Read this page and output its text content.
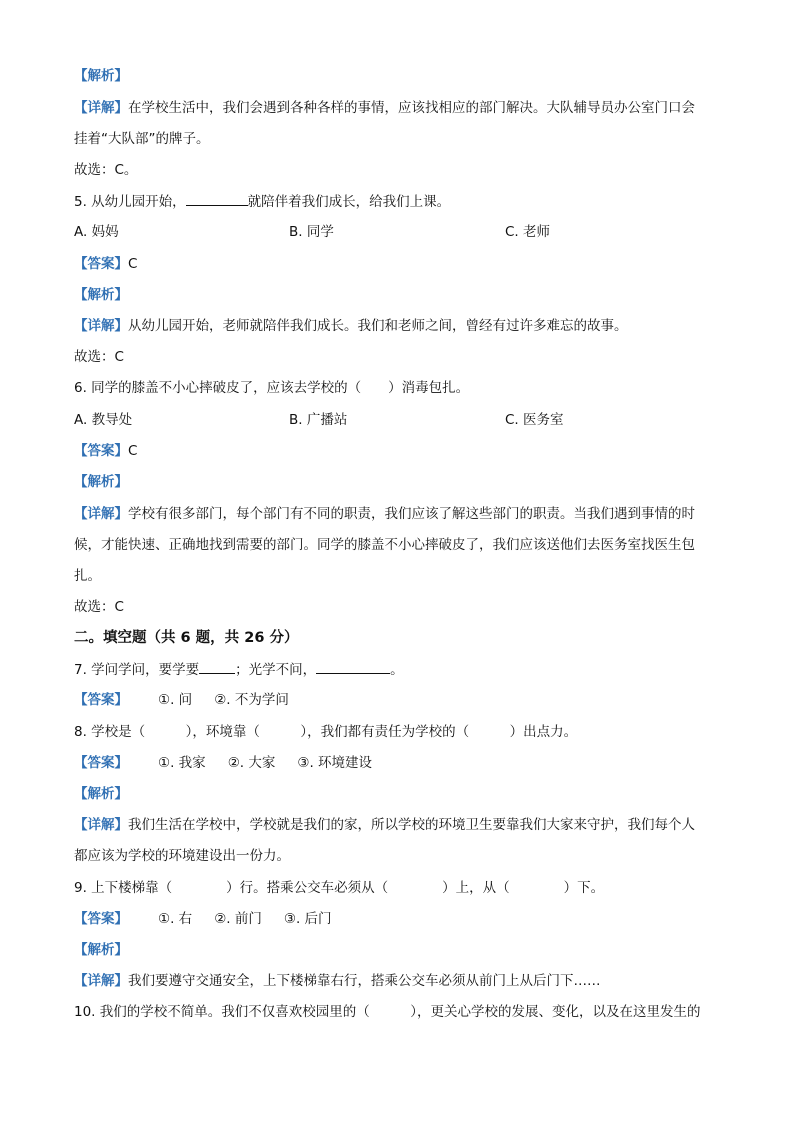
【解析】
【详解】在学校生活中，我们会遇到各种各样的事情，应该找相应的部门解决。大队辅导员办公室门口会
挂着“大队部”的牌子。
故选：C。
5. 从幼儿园开始，	就陪伴着我们成长，给我们上课。
A. 妈妈	B. 同学	C. 老师
【答案】C
【解析】
【详解】从幼儿园开始，老师就陪伴我们成长。我们和老师之间，曾经有过许多难忘的故事。
故选：C
6. 同学的膝盖不小心摔破皮了，应该去学校的（　　）消毒包扎。
A. 教导处	B. 广播站	C. 医务室
【答案】C
【解析】
【详解】学校有很多部门，每个部门有不同的职责，我们应该了解这些部门的职责。当我们遇到事情的时
候，才能快速、正确地找到需要的部门。同学的膝盖不小心摔破皮了，我们应该送他们去医务室找医生包
扎。
故选：C
二。填空题（共 6 题，共 26 分）
7. 学问学问，要学要	；光学不问，	。
【答案】 ①. 问 ②. 不为学问
8. 学校是（　　　），环境靠（　　　），我们都有责任为学校的（　　　）出点力。
【答案】 ①. 我家 ②. 大家 ③. 环境建设
【解析】
【详解】我们生活在学校中，学校就是我们的家，所以学校的环境卫生要靠我们大家来守护，我们每个人
都应该为学校的环境建设出一份力。
9. 上下楼梯靠（　　　　）行。搭乘公交车必须从（　　　　）上，从（　　　　）下。
【答案】 ①. 右 ②. 前门 ③. 后门
【解析】
【详解】我们要遵守交通安全，上下楼梯靠右行，搭乘公交车必须从前门上从后门下……
10. 我们的学校不简单。我们不仅喜欢校园里的（　　　），更关心学校的发展、变化，以及在这里发生的
